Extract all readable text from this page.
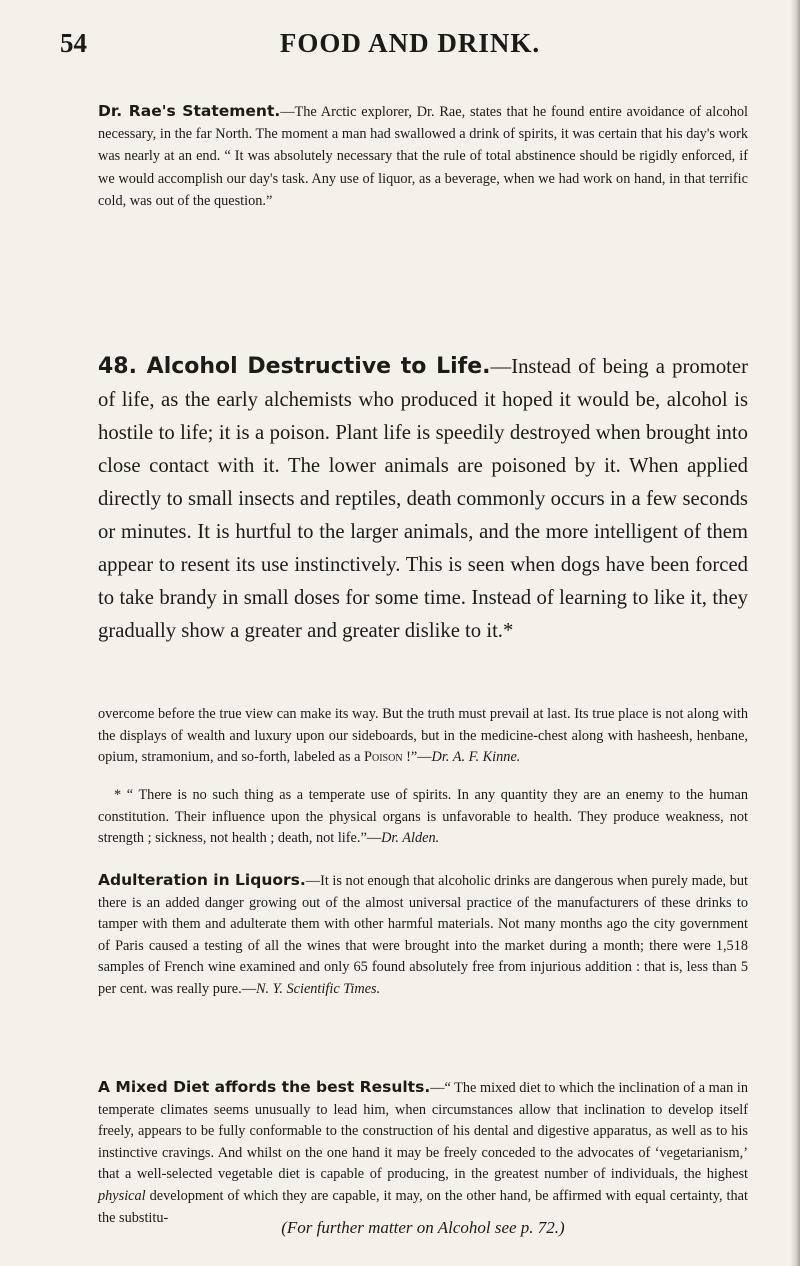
54	FOOD AND DRINK.

Dr. Rae's Statement.—The Arctic explorer, Dr. Rae, states that he found entire avoidance of alcohol necessary, in the far North. The moment a man had swallowed a drink of spirits, it was certain that his day's work was nearly at an end. “ It was absolutely necessary that the rule of total abstinence should be rigidly enforced, if we would accomplish our day's task. Any use of liquor, as a beverage, when we had work on hand, in that terrific cold, was out of the question.”

48. Alcohol Destructive to Life.—Instead of being a promoter of life, as the early alchemists who produced it hoped it would be, alcohol is hostile to life; it is a poison. Plant life is speedily destroyed when brought into close contact with it. The lower animals are poisoned by it. When applied directly to small insects and reptiles, death commonly occurs in a few seconds or minutes. It is hurtful to the larger animals, and the more intelligent of them appear to resent its use instinctively. This is seen when dogs have been forced to take brandy in small doses for some time. Instead of learning to like it, they gradually show a greater and greater dislike to it.*

overcome before the true view can make its way. But the truth must prevail at last. Its true place is not along with the displays of wealth and luxury upon our sideboards, but in the medicine-chest along with hasheesh, henbane, opium, stramonium, and so-forth, labeled as a Poison !”—Dr. A. F. Kinne.

* “ There is no such thing as a temperate use of spirits. In any quantity they are an enemy to the human constitution. Their influence upon the physical organs is unfavorable to health. They produce weakness, not strength ; sickness, not health ; death, not life.”—Dr. Alden.

Adulteration in Liquors.—It is not enough that alcoholic drinks are dangerous when purely made, but there is an added danger growing out of the almost universal practice of the manufacturers of these drinks to tamper with them and adulterate them with other harmful materials. Not many months ago the city government of Paris caused a testing of all the wines that were brought into the market during a month; there were 1,518 samples of French wine examined and only 65 found absolutely free from injurious addition : that is, less than 5 per cent. was really pure.—N. Y. Scientific Times.

A Mixed Diet affords the best Results.—“ The mixed diet to which the inclination of a man in temperate climates seems unusually to lead him, when circumstances allow that inclination to develop itself freely, appears to be fully conformable to the construction of his dental and digestive apparatus, as well as to his instinctive cravings. And whilst on the one hand it may be freely conceded to the advocates of ‘vegetarianism,’ that a well-selected vegetable diet is capable of producing, in the greatest number of individuals, the highest physical development of which they are capable, it may, on the other hand, be affirmed with equal certainty, that the substitu-

(For further matter on Alcohol see p. 72.)
